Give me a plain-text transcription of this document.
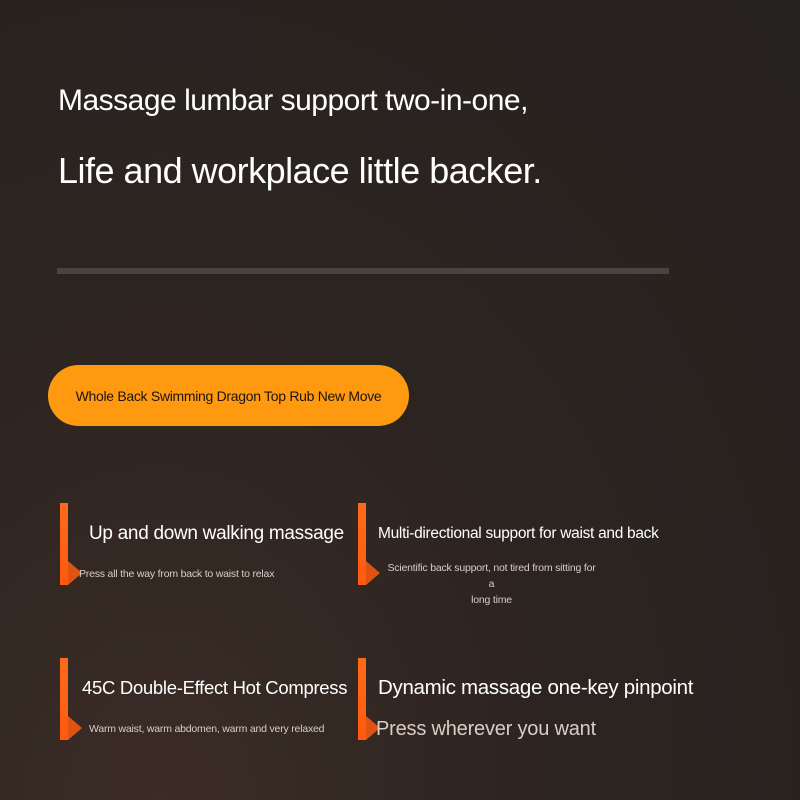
Massage lumbar support two-in-one,
Life and workplace little backer.
Whole Back Swimming Dragon Top Rub New Move
Up and down walking massage
Press all the way from back to waist to relax
Multi-directional support for waist and back
Scientific back support, not tired from sitting for a
long time
45C Double-Effect Hot Compress
Warm waist, warm abdomen, warm and very relaxed
Dynamic massage one-key pinpoint
Press wherever you want
